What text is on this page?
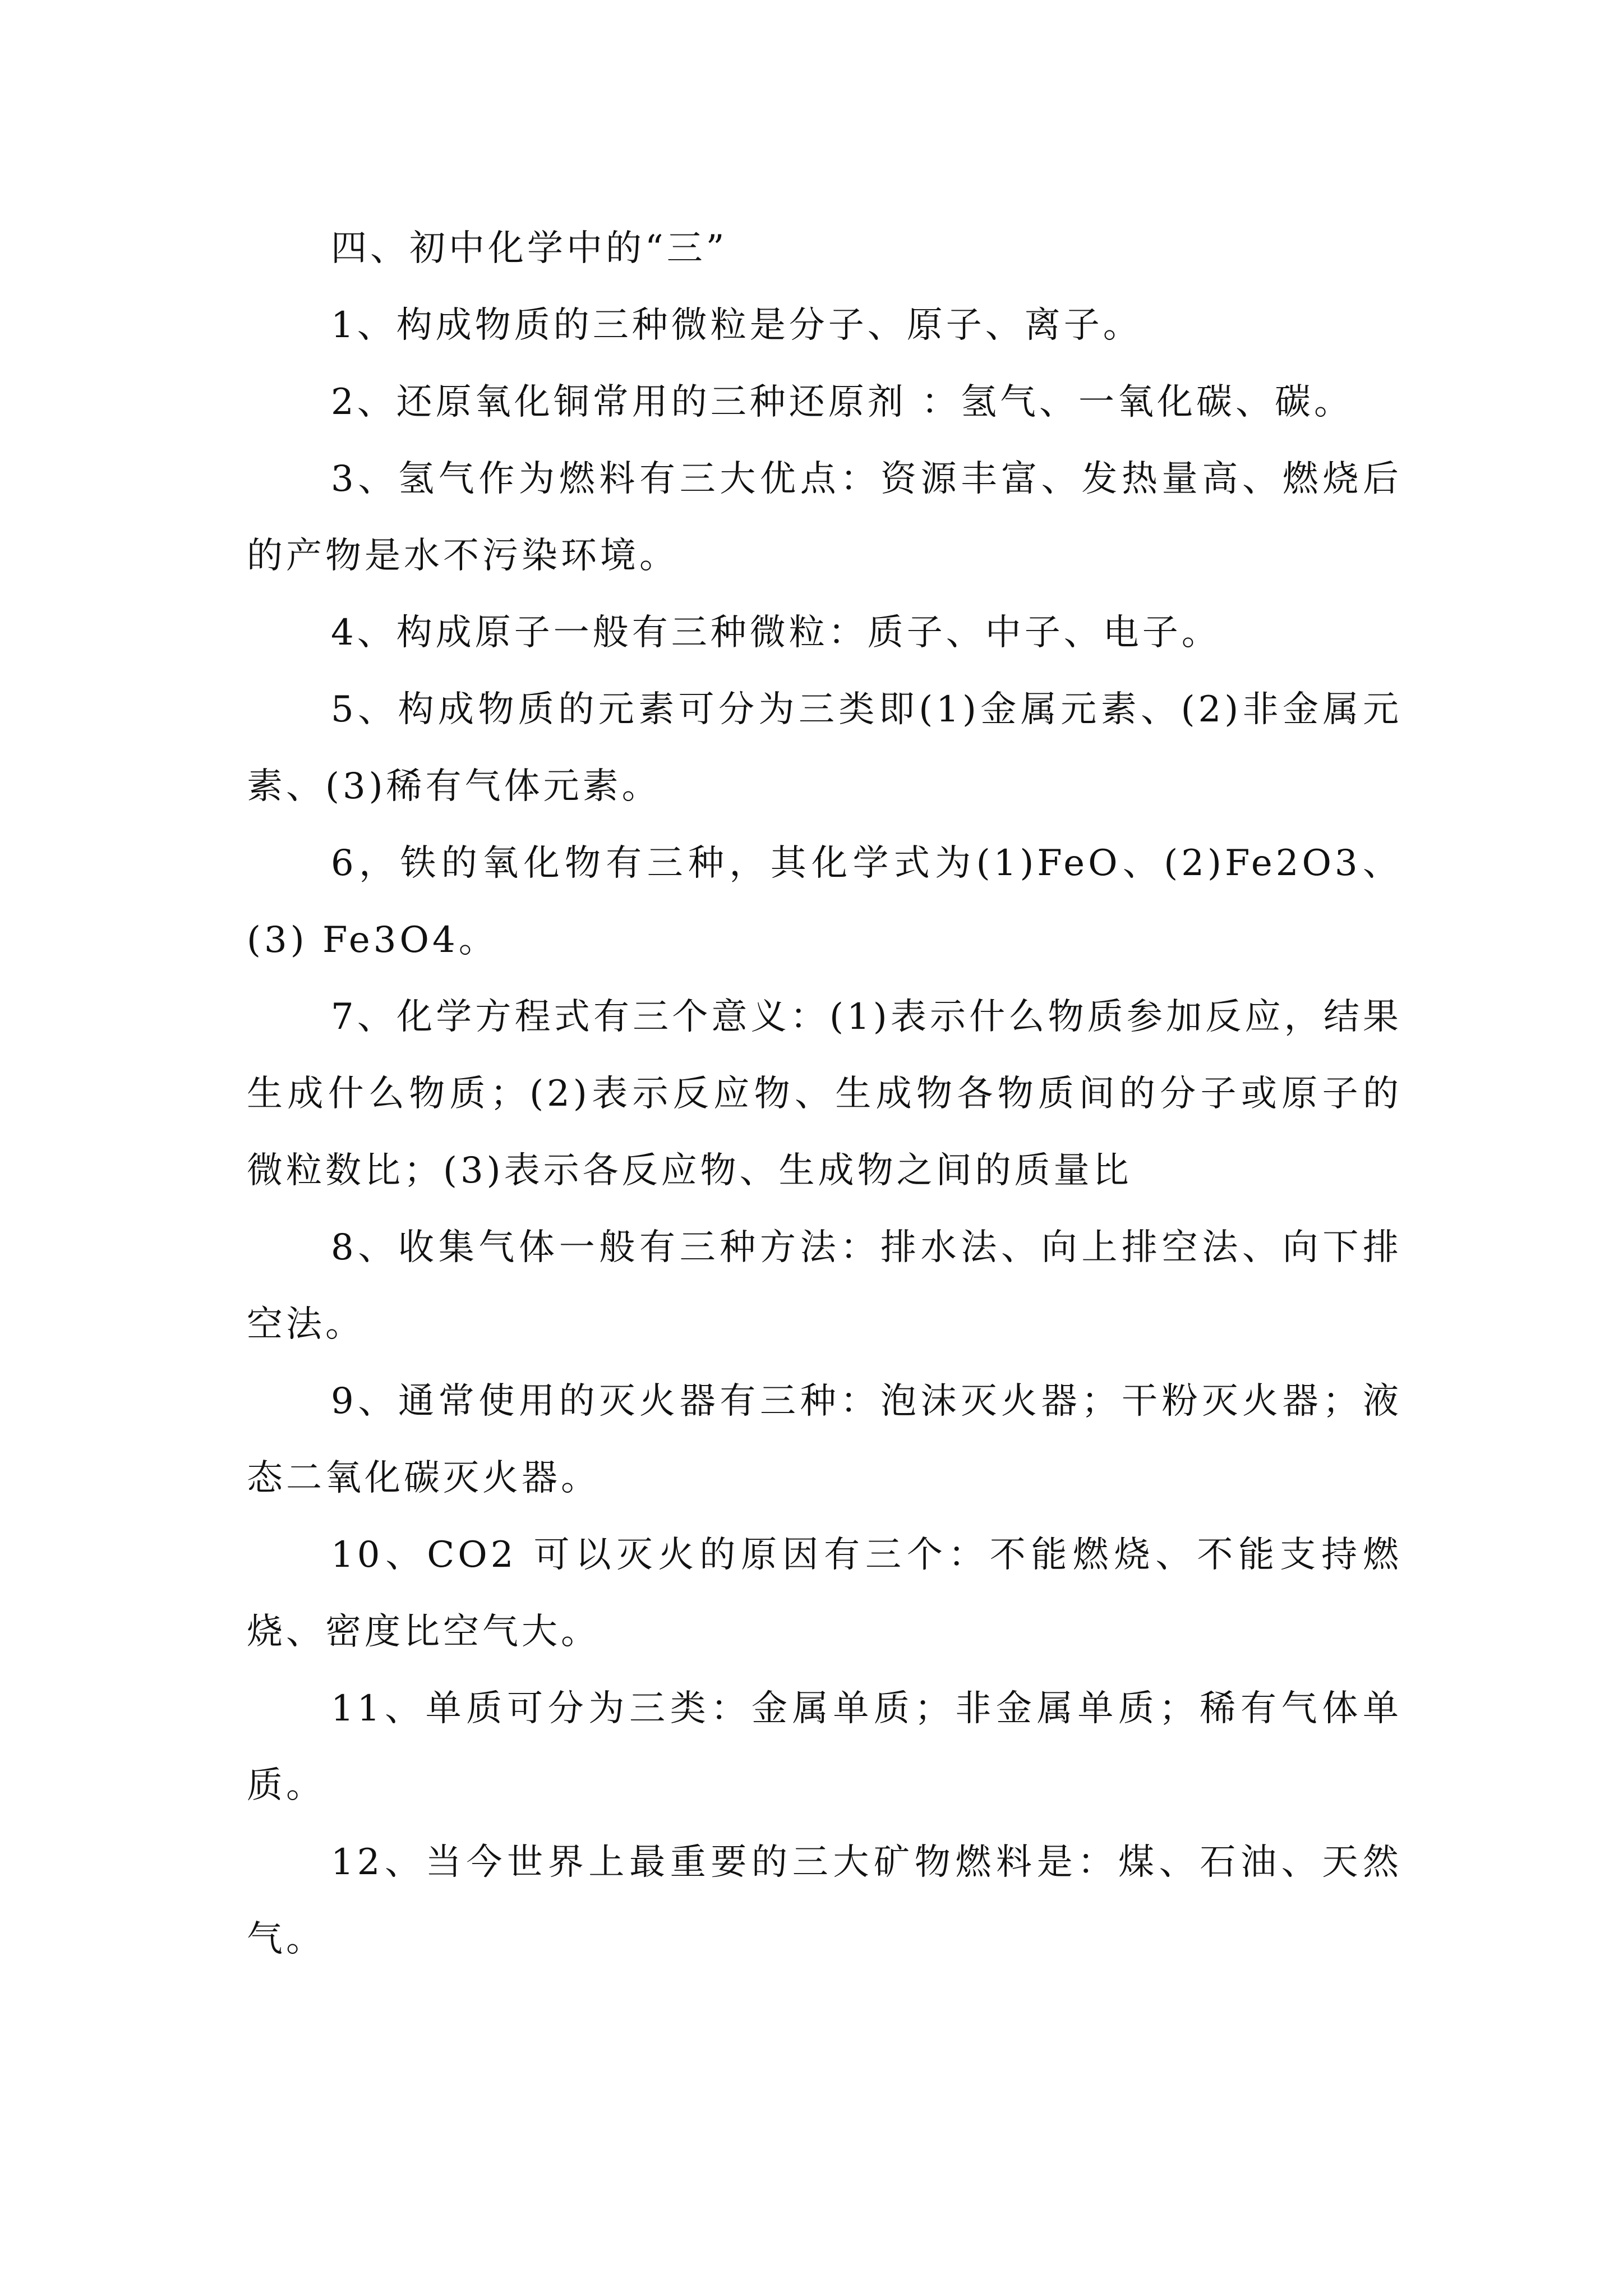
四、初中化学中的“三”

1、构成物质的三种微粒是分子、原子、离子。

2、还原氧化铜常用的三种还原剂 ：氢气、一氧化碳、碳。

3、氢气作为燃料有三大优点：资源丰富、发热量高、燃烧后的产物是水不污染环境。

4、构成原子一般有三种微粒：质子、中子、电子。

5、构成物质的元素可分为三类即(1)金属元素、(2)非金属元素、(3)稀有气体元素。

6，铁的氧化物有三种，其化学式为(1)FeO、(2)Fe2O3、(3) Fe3O4。

7、化学方程式有三个意义：(1)表示什么物质参加反应，结果生成什么物质；(2)表示反应物、生成物各物质间的分子或原子的微粒数比；(3)表示各反应物、生成物之间的质量比

8、收集气体一般有三种方法：排水法、向上排空法、向下排空法。

9、通常使用的灭火器有三种：泡沫灭火器；干粉灭火器；液态二氧化碳灭火器。

10、CO2 可以灭火的原因有三个：不能燃烧、不能支持燃烧、密度比空气大。

11、单质可分为三类：金属单质；非金属单质；稀有气体单质。

12、当今世界上最重要的三大矿物燃料是：煤、石油、天然气。
